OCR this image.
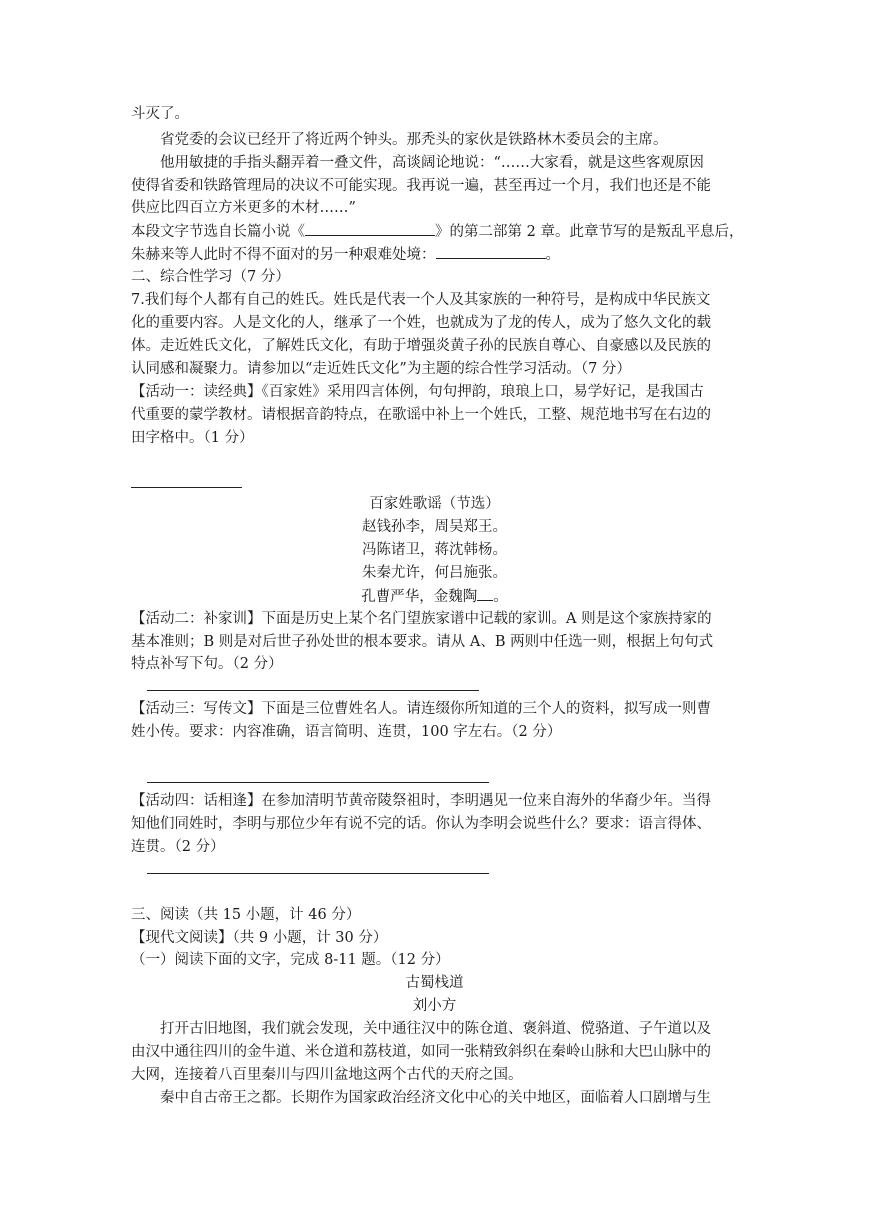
斗灭了。
省党委的会议已经开了将近两个钟头。那秃头的家伙是铁路林木委员会的主席。
他用敏捷的手指头翻弄着一叠文件，高谈阔论地说：“……大家看，就是这些客观原因
使得省委和铁路管理局的决议不可能实现。我再说一遍，甚至再过一个月，我们也还是不能
供应比四百立方米更多的木材……”
本段文字节选自长篇小说《	》的第二部第 2 章。此章节写的是叛乱平息后，
朱赫来等人此时不得不面对的另一种艰难处境：	。
二、综合性学习（7 分）
7.我们每个人都有自己的姓氏。姓氏是代表一个人及其家族的一种符号，是构成中华民族文
化的重要内容。人是文化的人，继承了一个姓，也就成为了龙的传人，成为了悠久文化的载
体。走近姓氏文化，了解姓氏文化，有助于增强炎黄子孙的民族自尊心、自豪感以及民族的
认同感和凝聚力。请参加以“走近姓氏文化”为主题的综合性学习活动。（7 分）
【活动一：读经典】《百家姓》采用四言体例，句句押韵，琅琅上口，易学好记，是我国古
代重要的蒙学教材。请根据音韵特点，在歌谣中补上一个姓氏，工整、规范地书写在右边的
田字格中。（1 分）
百家姓歌谣（节选）
赵钱孙李，周吴郑王。
冯陈诸卫，蒋沈韩杨。
朱秦尤许，何吕施张。
孔曹严华，金魏陶 。
【活动二：补家训】下面是历史上某个名门望族家谱中记载的家训。A 则是这个家族持家的
基本准则；B 则是对后世子孙处世的根本要求。请从 A、B 两则中任选一则，根据上句句式
特点补写下句。（2 分）
【活动三：写传文】下面是三位曹姓名人。请连缀你所知道的三个人的资料，拟写成一则曹
姓小传。要求：内容准确，语言简明、连贯，100 字左右。（2 分）
【活动四：话相逢】在参加清明节黄帝陵祭祖时，李明遇见一位来自海外的华裔少年。当得
知他们同姓时，李明与那位少年有说不完的话。你认为李明会说些什么？要求：语言得体、
连贯。（2 分）
三、阅读（共 15 小题，计 46 分）
【现代文阅读】（共 9 小题，计 30 分）
（一）阅读下面的文字，完成 8-11 题。（12 分）
古蜀栈道
刘小方
打开古旧地图，我们就会发现，关中通往汉中的陈仓道、褒斜道、傥骆道、子午道以及
由汉中通往四川的金牛道、米仓道和荔枝道，如同一张精致斜织在秦岭山脉和大巴山脉中的
大网，连接着八百里秦川与四川盆地这两个古代的天府之国。
秦中自古帝王之都。长期作为国家政治经济文化中心的关中地区，面临着人口剧增与生
